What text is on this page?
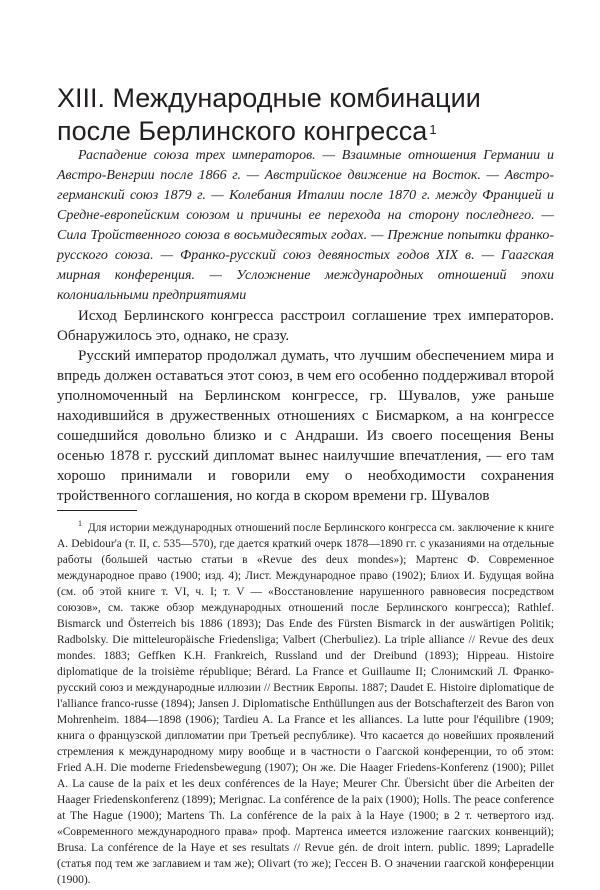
XIII. Международные комбинации
после Берлинского конгресса $^1$

Распадение союза трех императоров. — Взаимные отношения Германии и Австро-Венгрии после 1866 г. — Австрийское движение на Восток. — Австро-германский союз 1879 г. — Колебания Италии после 1870 г. между Францией и Средне-европейским союзом и причины ее перехода на сторону последнего. — Сила Тройственного союза в восьмидесятых годах. — Прежние попытки франко-русского союза. — Франко-русский союз девяностых годов XIX в. — Гаагская мирная конференция. — Усложнение международных отношений эпохи колониальными предприятиями

Исход Берлинского конгресса расстроил соглашение трех императоров. Обнаружилось это, однако, не сразу.

Русский император продолжал думать, что лучшим обеспечением мира и впредь должен оставаться этот союз, в чем его особенно поддерживал второй уполномоченный на Берлинском конгрессе, гр. Шувалов, уже раньше находившийся в дружественных отношениях с Бисмарком, а на конгрессе сошедшийся довольно близко и с Андраши. Из своего посещения Вены осенью 1878 г. русский дипломат вынес наилучшие впечатления, — его там хорошо принимали и говорили ему о необходимости сохранения тройственного соглашения, но когда в скором времени гр. Шувалов

$^1$ Для истории международных отношений после Берлинского конгресса см. заключение к книге A. Debidour'a (т. II, с. 535—570), где дается краткий очерк 1878—1890 гг. с указаниями на отдельные работы (большей частью статьи в «Revue des deux mondes»); Мартенс Ф. Современное международное право (1900; изд. 4); Лист. Международное право (1902); Блиох И. Будущая война (см. об этой книге т. VI, ч. I; т. V — «Восстановление нарушенного равновесия посредством союзов», см. также обзор международных отношений после Берлинского конгресса); Rathlef. Bismarck und Österreich bis 1886 (1893); Das Ende des Fürsten Bismarck in der auswärtigen Politik; Radbolsky. Die mitteleuropäische Friedensliga; Valbert (Cherbuliez). La triple alliance // Revue des deux mondes. 1883; Geffken K.H. Frankreich, Russland und der Dreibund (1893); Hippeau. Histoire diplomatique de la troisième république; Bérard. La France et Guillaume II; Слонимский Л. Франко-русский союз и международные иллюзии // Вестник Европы. 1887; Daudet E. Histoire diplomatique de l'alliance franco-russe (1894); Jansen J. Diplomatische Enthüllungen aus der Botschafterzeit des Baron von Mohrenheim. 1884—1898 (1906); Tardieu A. La France et les alliances. La lutte pour l'équilibre (1909; книга о французской дипломатии при Третьей республике). Что касается до новейших проявлений стремления к международному миру вообще и в частности о Гаагской конференции, то об этом: Fried A.H. Die moderne Friedensbewegung (1907); Он же. Die Haager Friedens-Konferenz (1900); Pillet A. La cause de la paix et les deux conférences de la Haye; Meurer Chr. Übersicht über die Arbeiten der Haager Friedenskonferenz (1899); Merignac. La conférence de la paix (1900); Holls. The peace conference at The Hague (1900); Martens Th. La conférence de la paix à la Haye (1900; в 2 т. четвертого изд. «Современного международного права» проф. Мартенса имеется изложение гаагских конвенций); Brusa. La conférence de la Haye et ses resultats // Revue gén. de droit intern. public. 1899; Lapradelle (статья под тем же заглавием и там же); Olivart (то же); Гессен В. О значении гаагской конференции (1900).
